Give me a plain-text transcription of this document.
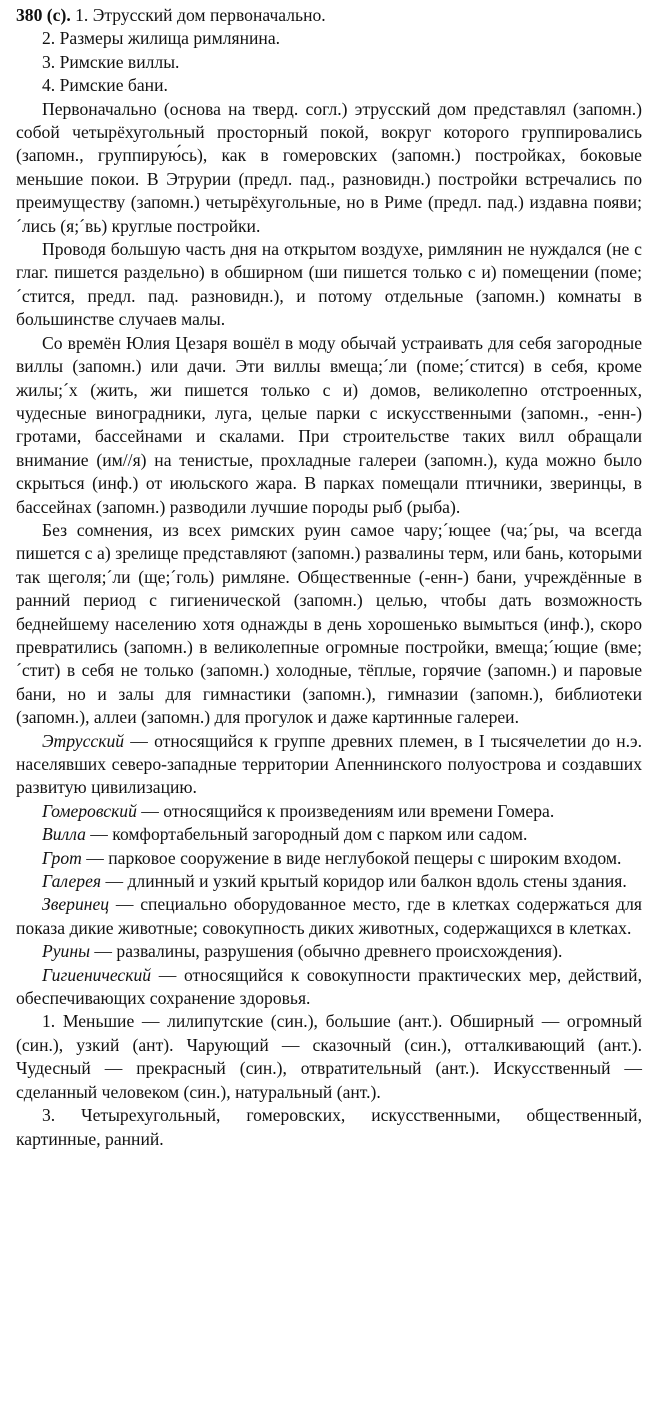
380 (с). 1. Этрусский дом первоначально.

2. Размеры жилища римлянина.

3. Римские виллы.

4. Римские бани.

Первоначально (основа на тверд. согл.) этрусский дом представлял (запомн.) собой четырёхугольный просторный покой, вокруг которого группировались (запомн., группирую́сь), как в гомеровских (запомн.) постройках, боковые меньшие покои. В Этрурии (предл. пад., разновидн.) постройки встречались по преимуществу (запомн.) четырёхугольные, но в Риме (предл. пад.) издавна появи;´лись (я;´вь) круглые постройки.

Проводя большую часть дня на открытом воздухе, римлянин не нуждался (не с глаг. пишется раздельно) в обширном (ши пишется только с и) помещении (поме;´стится, предл. пад. разновидн.), и потому отдельные (запомн.) комнаты в большинстве случаев малы.

Со времён Юлия Цезаря вошёл в моду обычай устраивать для себя загородные виллы (запомн.) или дачи. Эти виллы вмеща;´ли (поме;´стится) в себя, кроме жилы;´х (жить, жи пишется только с и) домов, великолепно отстроенных, чудесные виноградники, луга, целые парки с искусственными (запомн., -енн-) гротами, бассейнами и скалами. При строительстве таких вилл обращали внимание (им//я) на тенистые, прохладные галереи (запомн.), куда можно было скрыться (инф.) от июльского жара. В парках помещали птичники, зверинцы, в бассейнах (запомн.) разводили лучшие породы рыб (рыба).

Без сомнения, из всех римских руин самое чару;´ющее (ча;´ры, ча всегда пишется с а) зрелище представляют (запомн.) развалины терм, или бань, которыми так щеголя;´ли (ще;´голь) римляне. Общественные (-енн-) бани, учреждённые в ранний период с гигиенической (запомн.) целью, чтобы дать возможность беднейшему населению хотя однажды в день хорошенько вымыться (инф.), скоро превратились (запомн.) в великолепные огромные постройки, вмеща;´ющие (вме;´стит) в себя не только (запомн.) холодные, тёплые, горячие (запомн.) и паровые бани, но и залы для гимнастики (запомн.), гимназии (запомн.), библиотеки (запомн.), аллеи (запомн.) для прогулок и даже картинные галереи.

Этрусский — относящийся к группе древних племен, в I тысячелетии до н.э. населявших северо-западные территории Апеннинского полуострова и создавших развитую цивилизацию.

Гомеровский — относящийся к произведениям или времени Гомера.

Вилла — комфортабельный загородный дом с парком или садом.

Грот — парковое сооружение в виде неглубокой пещеры с широким входом.

Галерея — длинный и узкий крытый коридор или балкон вдоль стены здания.

Зверинец — специально оборудованное место, где в клетках содержаться для показа дикие животные; совокупность диких животных, содержащихся в клетках.

Руины — развалины, разрушения (обычно древнего происхождения).

Гигиенический — относящийся к совокупности практических мер, действий, обеспечивающих сохранение здоровья.

1. Меньшие — лилипутские (син.), большие (ант.). Обширный — огромный (син.), узкий (ант). Чарующий — сказочный (син.), отталкивающий (ант.). Чудесный — прекрасный (син.), отвратительный (ант.). Искусственный — сделанный человеком (син.), натуральный (ант.).

3. Четырехугольный, гомеровских, искусственными, общественный, картинные, ранний.
